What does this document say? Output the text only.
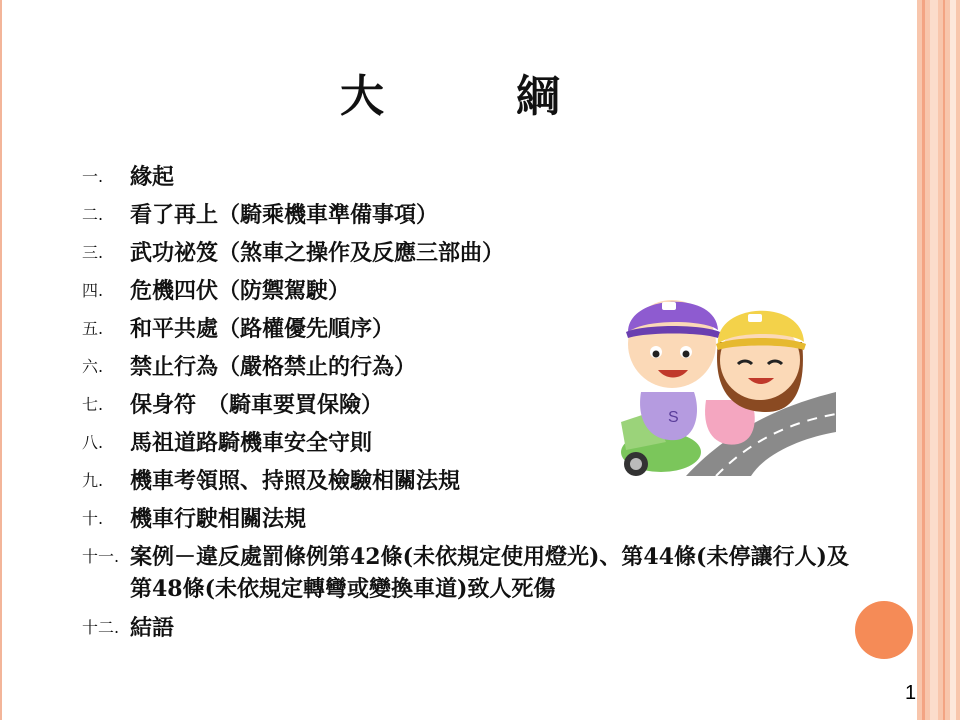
大　綱
一.	緣起
二.	看了再上（騎乘機車準備事項）
三.	武功祕笈（煞車之操作及反應三部曲）
四.	危機四伏（防禦駕駛）
五.	和平共處（路權優先順序）
六.	禁止行為（嚴格禁止的行為）
七.	保身符　（騎車要買保險）
八.	馬祖道路騎機車安全守則
九.	機車考領照、持照及檢驗相關法規
十.	機車行駛相關法規
十一. 案例－違反處罰條例第42條(未依規定使用燈光)、第44條(未停讓行人)及第48條(未依規定轉彎或變換車道)致人死傷
十二. 結語
S
1
